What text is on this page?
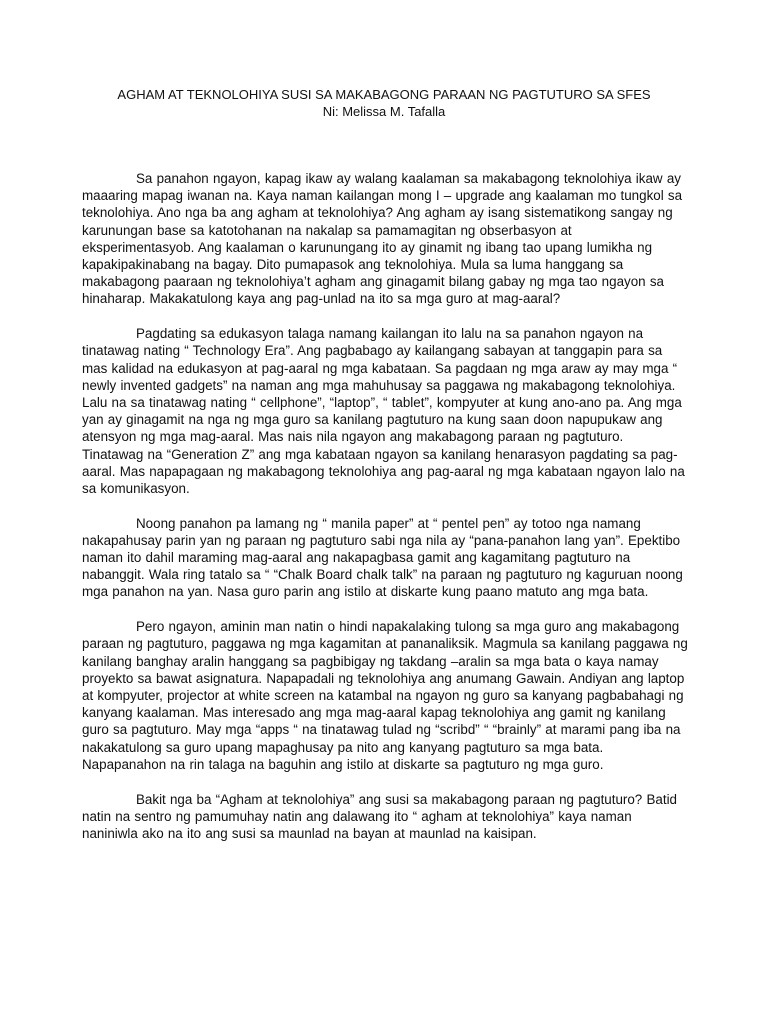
AGHAM AT TEKNOLOHIYA SUSI SA MAKABAGONG PARAAN NG PAGTUTURO SA SFES
Ni: Melissa M. Tafalla

Sa panahon ngayon, kapag ikaw ay walang kaalaman sa makabagong teknolohiya ikaw ay maaaring mapag iwanan na. Kaya naman kailangan mong I – upgrade ang kaalaman mo tungkol sa teknolohiya. Ano nga ba ang agham at teknolohiya? Ang agham ay isang sistematikong sangay ng karunungan base sa katotohanan na nakalap sa pamamagitan ng obserbasyon at eksperimentasyob. Ang kaalaman o karunungang ito ay ginamit ng ibang tao upang lumikha ng kapakipakinabang na bagay. Dito pumapasok ang teknolohiya. Mula sa luma hanggang sa makabagong paaraan ng teknolohiya’t agham ang ginagamit bilang gabay ng mga tao ngayon sa hinaharap. Makakatulong kaya ang pag-unlad na ito sa mga guro at mag-aaral?

Pagdating sa edukasyon talaga namang kailangan ito lalu na sa panahon ngayon na tinatawag nating “ Technology Era”. Ang pagbabago ay kailangang sabayan at tanggapin para sa mas kalidad na edukasyon at pag-aaral ng mga kabataan. Sa pagdaan ng mga araw ay may mga “ newly invented gadgets” na naman ang mga mahuhusay sa paggawa ng makabagong teknolohiya. Lalu na sa tinatawag nating “ cellphone”, “laptop”, “ tablet”, kompyuter at kung ano-ano pa. Ang mga yan ay ginagamit na nga ng mga guro sa kanilang pagtuturo na kung saan doon napupukaw ang atensyon ng mga mag-aaral. Mas nais nila ngayon ang makabagong paraan ng pagtuturo. Tinatawag na “Generation Z” ang mga kabataan ngayon sa kanilang henarasyon pagdating sa pag-aaral. Mas napapagaan ng makabagong teknolohiya ang pag-aaral ng mga kabataan ngayon lalo na sa komunikasyon.

Noong panahon pa lamang ng “ manila paper” at “ pentel pen” ay totoo nga namang nakapahusay parin yan ng paraan ng pagtuturo sabi nga nila ay “pana-panahon lang yan”. Epektibo naman ito dahil maraming mag-aaral ang nakapagbasa gamit ang kagamitang pagtuturo na nabanggit. Wala ring tatalo sa “ “Chalk Board chalk talk” na paraan ng pagtuturo ng kaguruan noong mga panahon na yan. Nasa guro parin ang istilo at diskarte kung paano matuto ang mga bata.

Pero ngayon, aminin man natin o hindi napakalaking tulong sa mga guro ang makabagong paraan ng pagtuturo, paggawa ng mga kagamitan at pananaliksik. Magmula sa kanilang paggawa ng kanilang banghay aralin hanggang sa pagbibigay ng takdang –aralin sa mga bata o kaya namay proyekto sa bawat asignatura. Napapadali ng teknolohiya ang anumang Gawain. Andiyan ang laptop at kompyuter, projector at white screen na katambal na ngayon ng guro sa kanyang pagbabahagi ng kanyang kaalaman. Mas interesado ang mga mag-aaral kapag teknolohiya ang gamit ng kanilang guro sa pagtuturo. May mga “apps “ na tinatawag tulad ng “scribd” “ “brainly” at marami pang iba na nakakatulong sa guro upang mapaghusay pa nito ang kanyang pagtuturo sa mga bata. Napapanahon na rin talaga na baguhin ang istilo at diskarte sa pagtuturo ng mga guro.

Bakit nga ba “Agham at teknolohiya” ang susi sa makabagong paraan ng pagtuturo? Batid natin na sentro ng pamumuhay natin ang dalawang ito “ agham at teknolohiya” kaya naman naniniwla ako na ito ang susi sa maunlad na bayan at maunlad na kaisipan.
